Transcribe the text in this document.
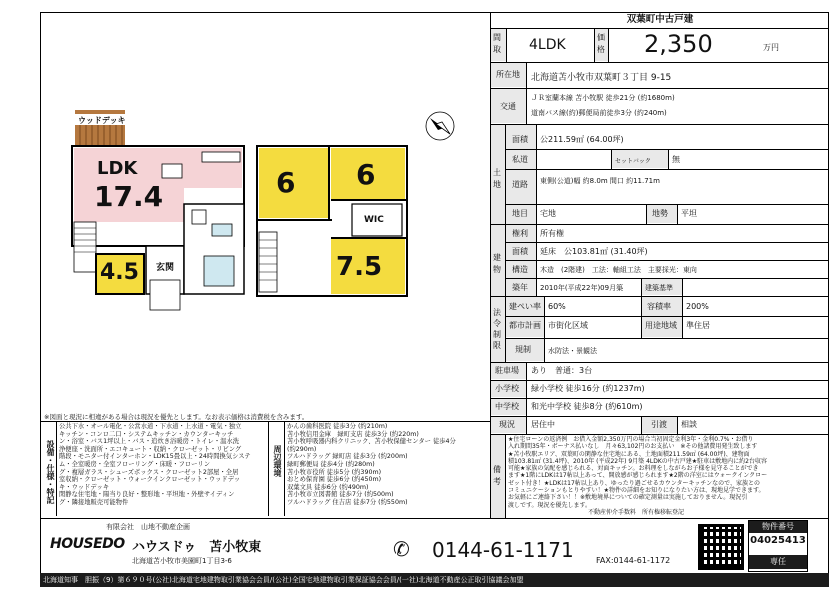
ウッドデッキ
LDK
17.4
4.5 玄関
6 6
WIC
7.5
※図面と現況に相違がある場合は現況を優先とします。なお表示価格は消費税を含みます。
設備・仕様・特記
公共下水・オール電化・公営水道・下水道・上水道・電気・独立
キッチン・コンロ二口・システムキッチン・カウンターキッチ
ン・浴室・バス1坪以上・バス・追炊き浴暖房・トイレ・温水洗
浄便座・洗面所・エコキュート・収納・クローゼット・リビング
階段・モニター付インターホン・LDK15畳以上・24時間換気システ
ム・全室暖房・全室フローリング・床暖・フローリン
グ・複層ガラス・シューズボックス・クローゼット2部屋・全居
室収納・クローゼット・ウォークインクローゼット・ウッドデッ
キ・ウッドデッキ
閑静な住宅地・陽当り良好・整形地・平坦地・外壁サイディン
グ・隣接地販売可能物件
周辺環境
かんの歯科医院 徒歩3分 (約210m)
苫小牧信用金庫　緑町支店 徒歩3分 (約220m)
苫小牧呼吸器内科クリニック、苫小牧保健センター 徒歩4分
(約290m)
ツルハドラッグ 緑町店 徒歩3分 (約200m)
緑町郵便局 徒歩4分 (約280m)
苫小牧市役所 徒歩5分 (約390m)
おとめ保育園 徒歩6分 (約450m)
双葉文具 徒歩6分 (約490m)
苫小牧市立図書館 徒歩7分 (約500m)
ツルハドラッグ 住吉店 徒歩7分 (約550m)
双葉町中古戸建
間取 4LDK	価格 2,350	万円
所在地 北海道苫小牧市双葉町３丁目 9-15
交通
ＪＲ室蘭本線 苫小牧駅 徒歩21分 (約1680m)
道南バス線(約)郵便局前徒歩3分 (約240m)
土地
面積 公211.59㎡ (64.00坪)
私道	セットバック	無
道路 東側(公道)幅 約8.0m 間口 約11.71m
地目 宅地	地勢 平坦
建物
権利 所有権
面積 延床　公103.81㎡ (31.40坪)
構造 木造　(2階建)　工法：軸組工法　主要採光：東向
築年 2010年(平成22年)09月築	建築基準
法令制限
建ぺい率 60%	容積率 200%
都市計画 市街化区域	用途地域 準住居
規制 水防法・景観法
駐車場 あり　普通：3台
小学校 緑小学校 徒歩16分 (約1237m)
中学校 和光中学校 徒歩8分 (約610m)
現況 居住中	引渡 相談
備考
★住宅ローンの返済例　お借入金額2,350万円の場合当初固定金利3年・金利0.7%・お借り
入れ期間35年・ボーナス払いなし　月々63,102円のお支払い　※その他諸費用発生致します
★苫小牧駅エリア、双葉町の閑静な住宅地にある、土地面積211.59㎡ (64.00坪)、建物面
積103.81㎡ (31.4坪)、2010年 (平成22年) 9月築 4LDKの中古戸建★駐車は敷地内に約2台収容
可能★家族の気配を感じられる、対面キッチン。お料理をしながらお子様を見守ることができ
ます★1階にLDKは17帖以上あって、開放感が感じられます★2階の洋室にはウォークインクロー
ゼット付き！★LDKは17帖以上あり、ゆったり過ごせるカウンターキッチンなので、家族との
コミュニケーションもとりやすい！★物件の詳細をお知りになりたい方は、現地見学できます。
お気軽にご連絡下さい！！※敷地境界についての確定測量は実施しておりません。現況引
渡しです。現況を優先します。
不動産仲介手数料　所有権移転登記
有限会社　山地不動産企画
HOUSEDO ハウスドゥ　苫小牧東
北海道苫小牧市美園町1丁目3-6	✆ 0144-61-1171	FAX:0144-61-1172
物件番号
04025413
専任
北海道知事　胆振（9）第６９０号(公社)北海道宅地建物取引業協会会員/(公社)全国宅地建物取引業保証協会会員/(一社)北海道不動産公正取引協議会加盟
